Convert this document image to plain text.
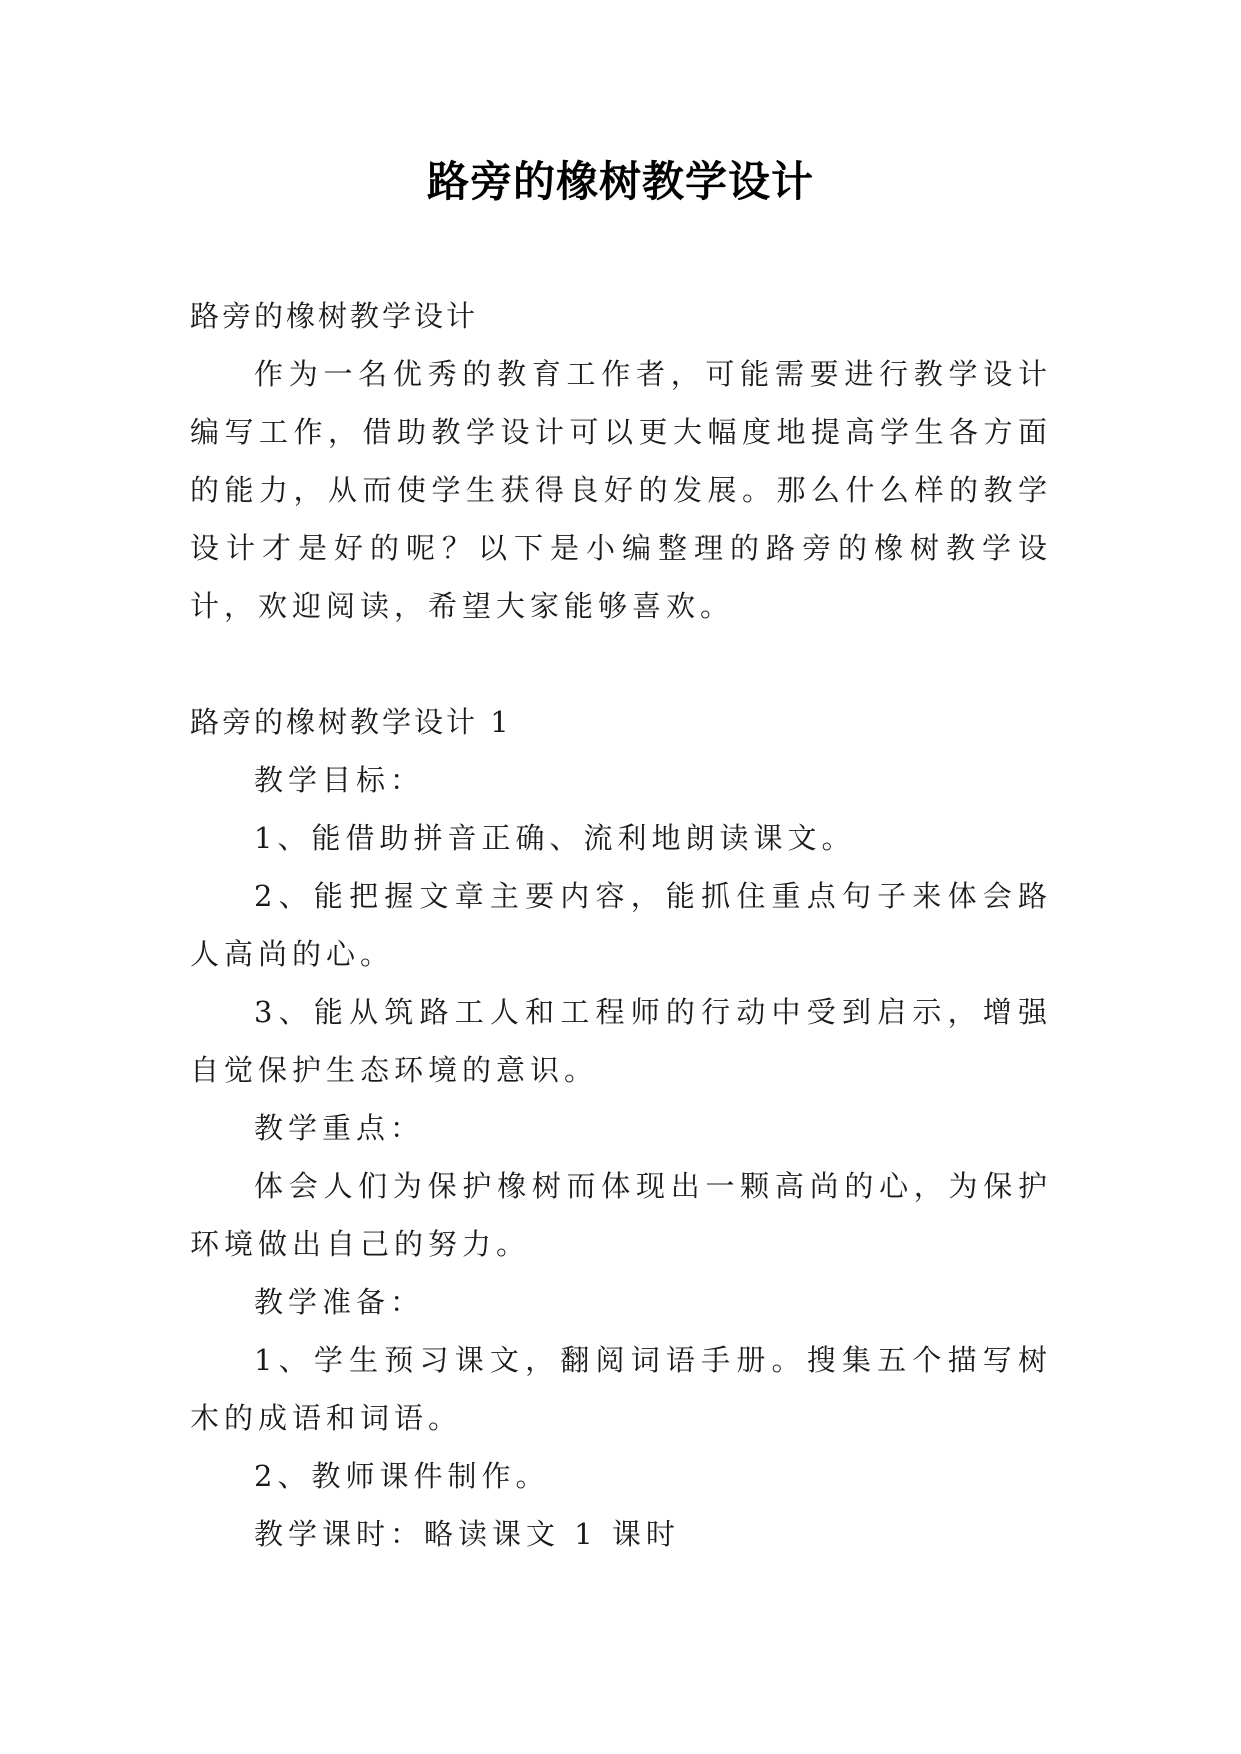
路旁的橡树教学设计

路旁的橡树教学设计

作为一名优秀的教育工作者，可能需要进行教学设计编写工作，借助教学设计可以更大幅度地提高学生各方面的能力，从而使学生获得良好的发展。那么什么样的教学设计才是好的呢？以下是小编整理的路旁的橡树教学设计，欢迎阅读，希望大家能够喜欢。

路旁的橡树教学设计 1

教学目标：

1、能借助拼音正确、流利地朗读课文。

2、能把握文章主要内容，能抓住重点句子来体会路人高尚的心。

3、能从筑路工人和工程师的行动中受到启示，增强自觉保护生态环境的意识。

教学重点：

体会人们为保护橡树而体现出一颗高尚的心，为保护环境做出自己的努力。

教学准备：

1、学生预习课文，翻阅词语手册。搜集五个描写树木的成语和词语。

2、教师课件制作。

教学课时：略读课文 1 课时
